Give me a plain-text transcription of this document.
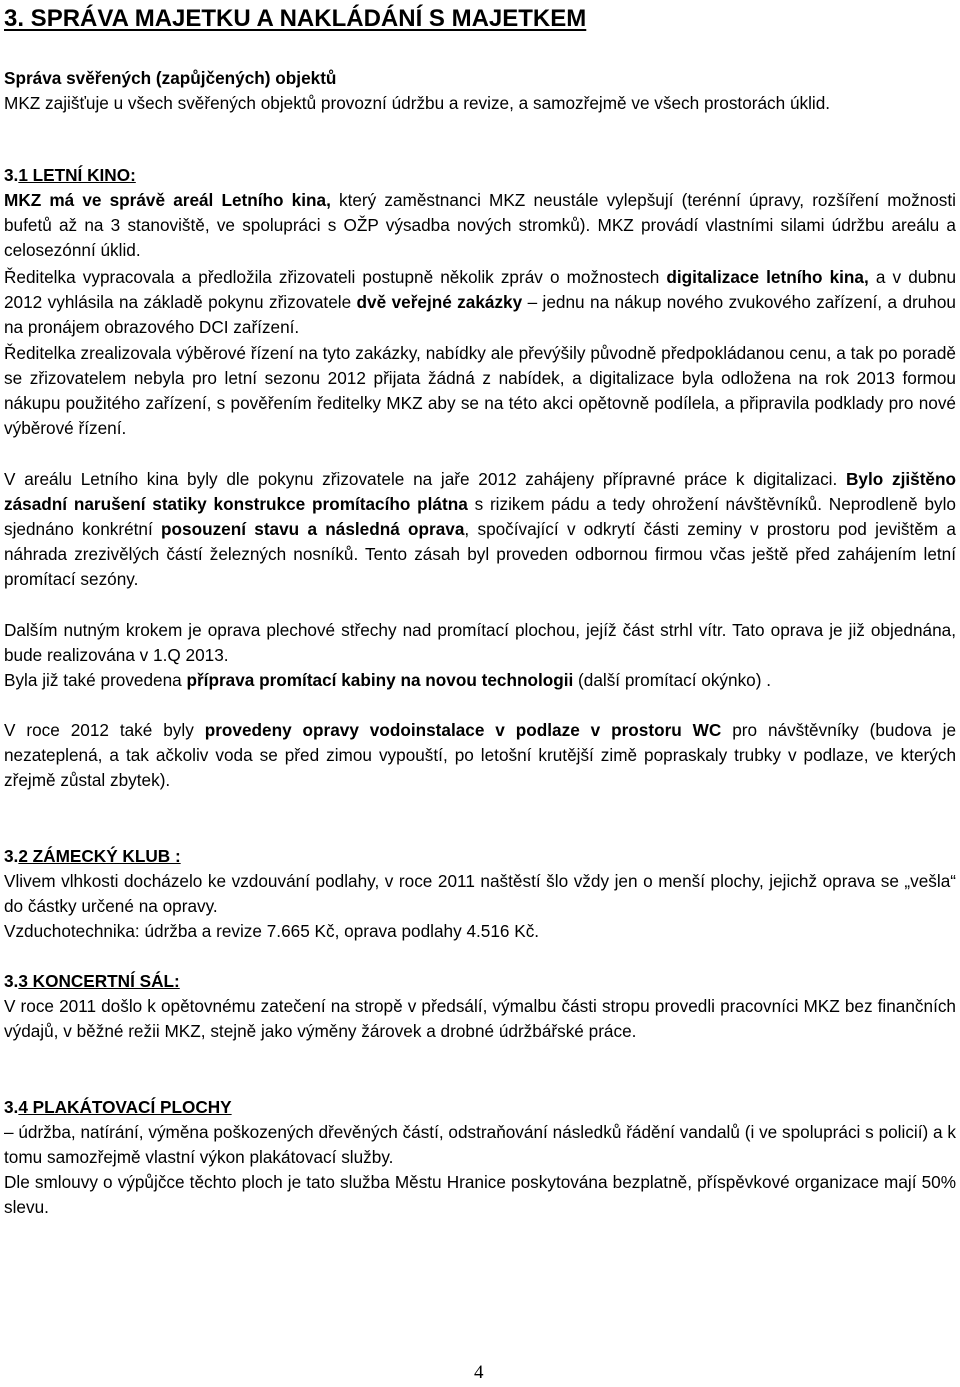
3. SPRÁVA MAJETKU A NAKLÁDÁNÍ S MAJETKEM

Správa svěřených (zapůjčených) objektů

MKZ zajišťuje u všech svěřených objektů provozní údržbu a revize, a samozřejmě ve všech prostorách úklid.

3.1 LETNÍ KINO:

MKZ má ve správě areál Letního kina, který zaměstnanci MKZ neustále vylepšují (terénní úpravy, rozšíření možnosti bufetů až na 3 stanoviště, ve spolupráci s OŽP výsadba nových stromků). MKZ provádí vlastními silami údržbu areálu a celosezónní úklid.

Ředitelka vypracovala a předložila zřizovateli postupně několik zpráv o možnostech digitalizace letního kina, a v dubnu 2012 vyhlásila na základě pokynu zřizovatele dvě veřejné zakázky – jednu na nákup nového zvukového zařízení, a druhou na pronájem obrazového DCI zařízení.

Ředitelka zrealizovala výběrové řízení na tyto zakázky, nabídky ale převýšily původně předpokládanou cenu, a tak po poradě se zřizovatelem nebyla pro letní sezonu 2012 přijata žádná z nabídek, a digitalizace byla odložena na rok 2013 formou nákupu použitého zařízení, s pověřením ředitelky MKZ aby se na této akci opětovně podílela, a připravila podklady pro nové výběrové řízení.

V areálu Letního kina byly dle pokynu zřizovatele na jaře 2012 zahájeny přípravné práce k digitalizaci. Bylo zjištěno zásadní narušení statiky konstrukce promítacího plátna s rizikem pádu a tedy ohrožení návštěvníků. Neprodleně bylo sjednáno konkrétní posouzení stavu a následná oprava, spočívající v odkrytí části zeminy v prostoru pod jevištěm a náhrada zrezivělých částí železných nosníků. Tento zásah byl proveden odbornou firmou včas ještě před zahájením letní promítací sezóny.

Dalším nutným krokem je oprava plechové střechy nad promítací plochou, jejíž část strhl vítr. Tato oprava je již objednána, bude realizována v 1.Q 2013.

Byla již také provedena příprava promítací kabiny na novou technologii (další promítací okýnko) .

V roce 2012 také byly provedeny opravy vodoinstalace v podlaze v prostoru WC pro návštěvníky (budova je nezateplená, a tak ačkoliv voda se před zimou vypouští, po letošní krutější zimě popraskaly trubky v podlaze, ve kterých zřejmě zůstal zbytek).

3.2 ZÁMECKÝ KLUB :

Vlivem vlhkosti docházelo ke vzdouvání podlahy, v roce 2011 naštěstí šlo vždy jen o menší plochy, jejichž oprava se „vešla“ do částky určené na opravy.

Vzduchotechnika: údržba a revize 7.665 Kč, oprava podlahy 4.516 Kč.

3.3 KONCERTNÍ SÁL:

V roce 2011 došlo k opětovnému zatečení na stropě v předsálí, výmalbu části stropu provedli pracovníci MKZ bez finančních výdajů, v běžné režii MKZ, stejně jako výměny žárovek a drobné údržbářské práce.

3.4 PLAKÁTOVACÍ PLOCHY

– údržba, natírání, výměna poškozených dřevěných částí, odstraňování následků řádění vandalů (i ve spolupráci s policií) a k tomu samozřejmě vlastní výkon plakátovací služby.

Dle smlouvy o výpůjčce těchto ploch je tato služba Městu Hranice poskytována bezplatně, příspěvkové organizace mají 50% slevu.

4
